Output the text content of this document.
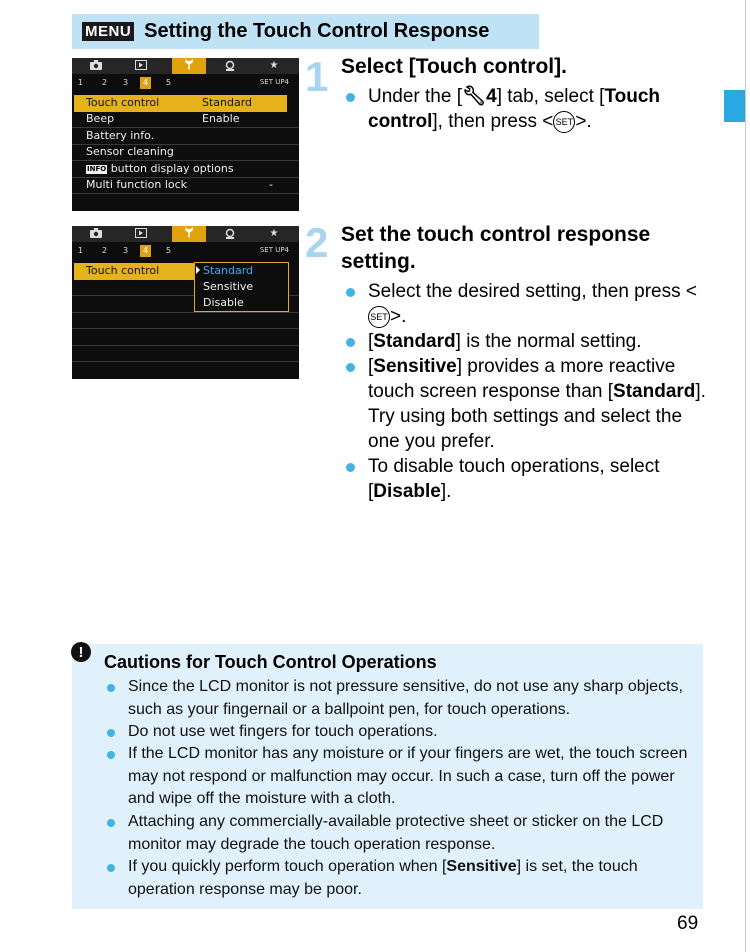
MENU Setting the Touch Control Response
★
1 2 3	4	5	SET UP4
Touch control	Standard
Beep	Enable
Battery info.
Sensor cleaning
INFO button display options
Multi function lock	-
★
1 2 3	4	5	SET UP4
Touch control	Standard
Sensitive
Disable
1 Select [Touch control].
Under the [🔧︎4] tab, select [Touch control], then press < SET >.
2 Set the touch control response setting.
Select the desired setting, then press <SET >.
[Standard] is the normal setting.
[Sensitive] provides a more reactive touch screen response than [Standard]. Try using both settings and select the one you prefer.
To disable touch operations, select [Disable].
!	Cautions for Touch Control Operations
Since the LCD monitor is not pressure sensitive, do not use any sharp objects, such as your fingernail or a ballpoint pen, for touch operations.
Do not use wet fingers for touch operations.
If the LCD monitor has any moisture or if your fingers are wet, the touch screen may not respond or malfunction may occur. In such a case, turn off the power and wipe off the moisture with a cloth.
Attaching any commercially-available protective sheet or sticker on the LCD monitor may degrade the touch operation response.
If you quickly perform touch operation when [Sensitive] is set, the touch operation response may be poor.
69
